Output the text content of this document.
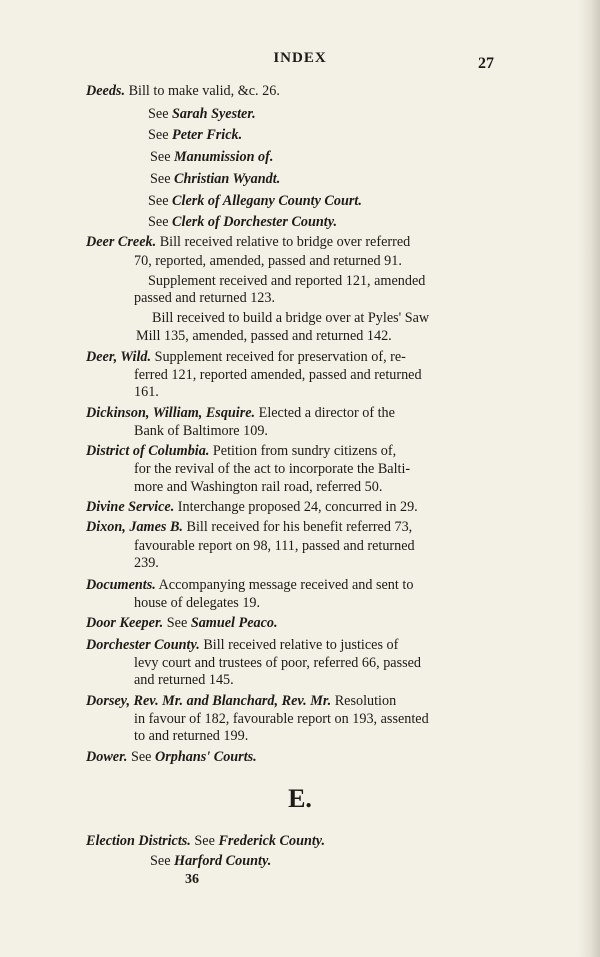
INDEX	27
Deeds. Bill to make valid, &c. 26.
See Sarah Syester.
See Peter Frick.
See Manumission of.
See Christian Wyandt.
See Clerk of Allegany County Court.
See Clerk of Dorchester County.
Deer Creek. Bill received relative to bridge over referred
70, reported, amended, passed and returned 91.
Supplement received and reported 121, amended
passed and returned 123.
Bill received to build a bridge over at Pyles' Saw
Mill 135, amended, passed and returned 142.
Deer, Wild. Supplement received for preservation of, re-
ferred 121, reported amended, passed and returned
161.
Dickinson, William, Esquire. Elected a director of the
Bank of Baltimore 109.
District of Columbia. Petition from sundry citizens of,
for the revival of the act to incorporate the Balti-
more and Washington rail road, referred 50.
Divine Service. Interchange proposed 24, concurred in 29.
Dixon, James B. Bill received for his benefit referred 73,
favourable report on 98, 111, passed and returned
239.
Documents. Accompanying message received and sent to
house of delegates 19.
Door Keeper. See Samuel Peaco.
Dorchester County. Bill received relative to justices of
levy court and trustees of poor, referred 66, passed
and returned 145.
Dorsey, Rev. Mr. and Blanchard, Rev. Mr. Resolution
in favour of 182, favourable report on 193, assented
to and returned 199.
Dower. See Orphans' Courts.
E.
Election Districts. See Frederick County.
See Harford County.
36
